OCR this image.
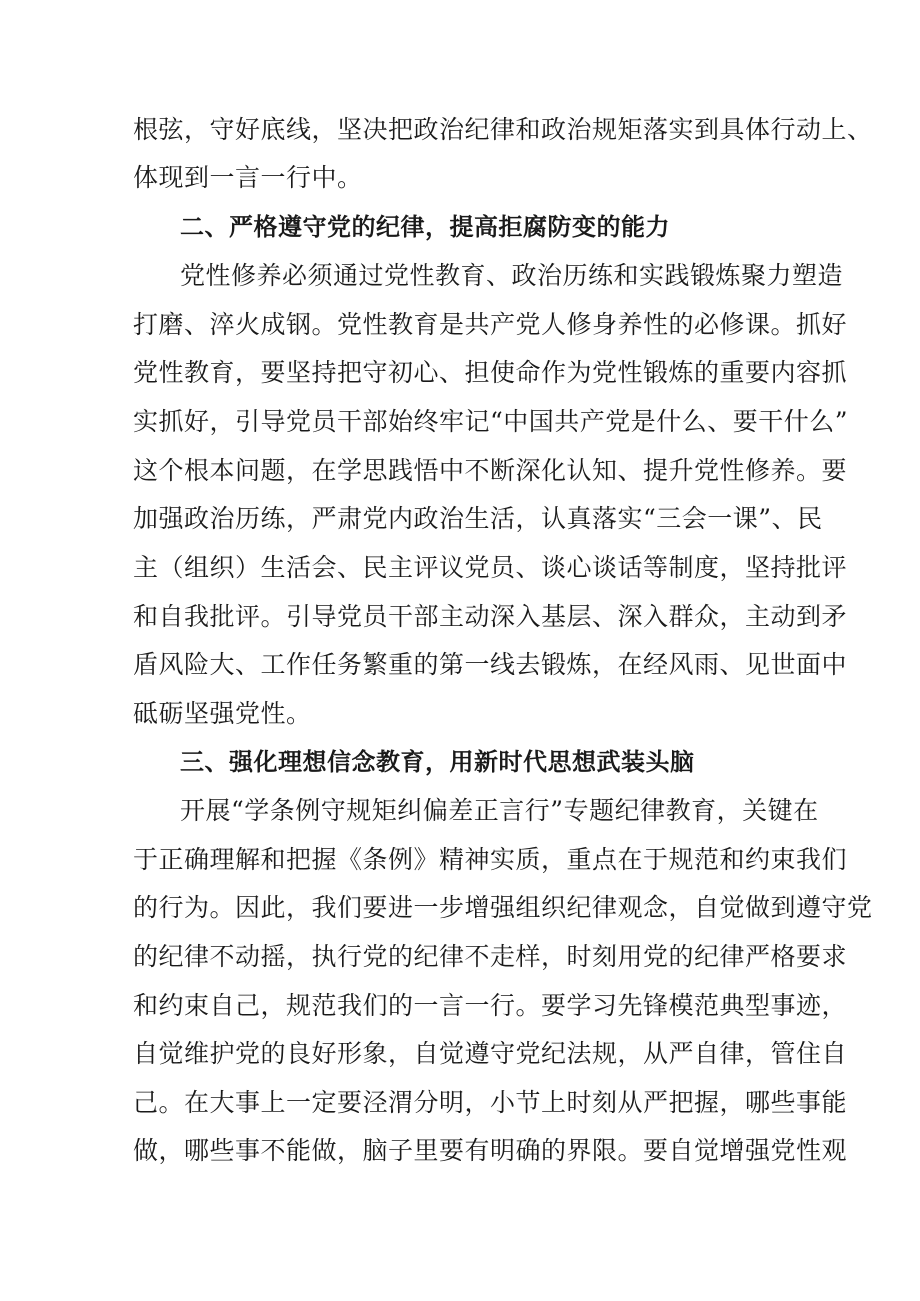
根弦，守好底线，坚决把政治纪律和政治规矩落实到具体行动上、
体现到一言一行中。
二、严格遵守党的纪律，提高拒腐防变的能力
党性修养必须通过党性教育、政治历练和实践锻炼聚力塑造
打磨、淬火成钢。党性教育是共产党人修身养性的必修课。抓好
党性教育，要坚持把守初心、担使命作为党性锻炼的重要内容抓
实抓好，引导党员干部始终牢记“中国共产党是什么、要干什么”
这个根本问题，在学思践悟中不断深化认知、提升党性修养。要
加强政治历练，严肃党内政治生活，认真落实“三会一课”、民
主（组织）生活会、民主评议党员、谈心谈话等制度，坚持批评
和自我批评。引导党员干部主动深入基层、深入群众，主动到矛
盾风险大、工作任务繁重的第一线去锻炼，在经风雨、见世面中
砥砺坚强党性。
三、强化理想信念教育，用新时代思想武装头脑
开展“学条例守规矩纠偏差正言行”专题纪律教育，关键在
于正确理解和把握《条例》精神实质，重点在于规范和约束我们
的行为。因此，我们要进一步增强组织纪律观念，自觉做到遵守党
的纪律不动摇，执行党的纪律不走样，时刻用党的纪律严格要求
和约束自己，规范我们的一言一行。要学习先锋模范典型事迹，
自觉维护党的良好形象，自觉遵守党纪法规，从严自律，管住自
己。在大事上一定要泾渭分明，小节上时刻从严把握，哪些事能
做，哪些事不能做，脑子里要有明确的界限。要自觉增强党性观
